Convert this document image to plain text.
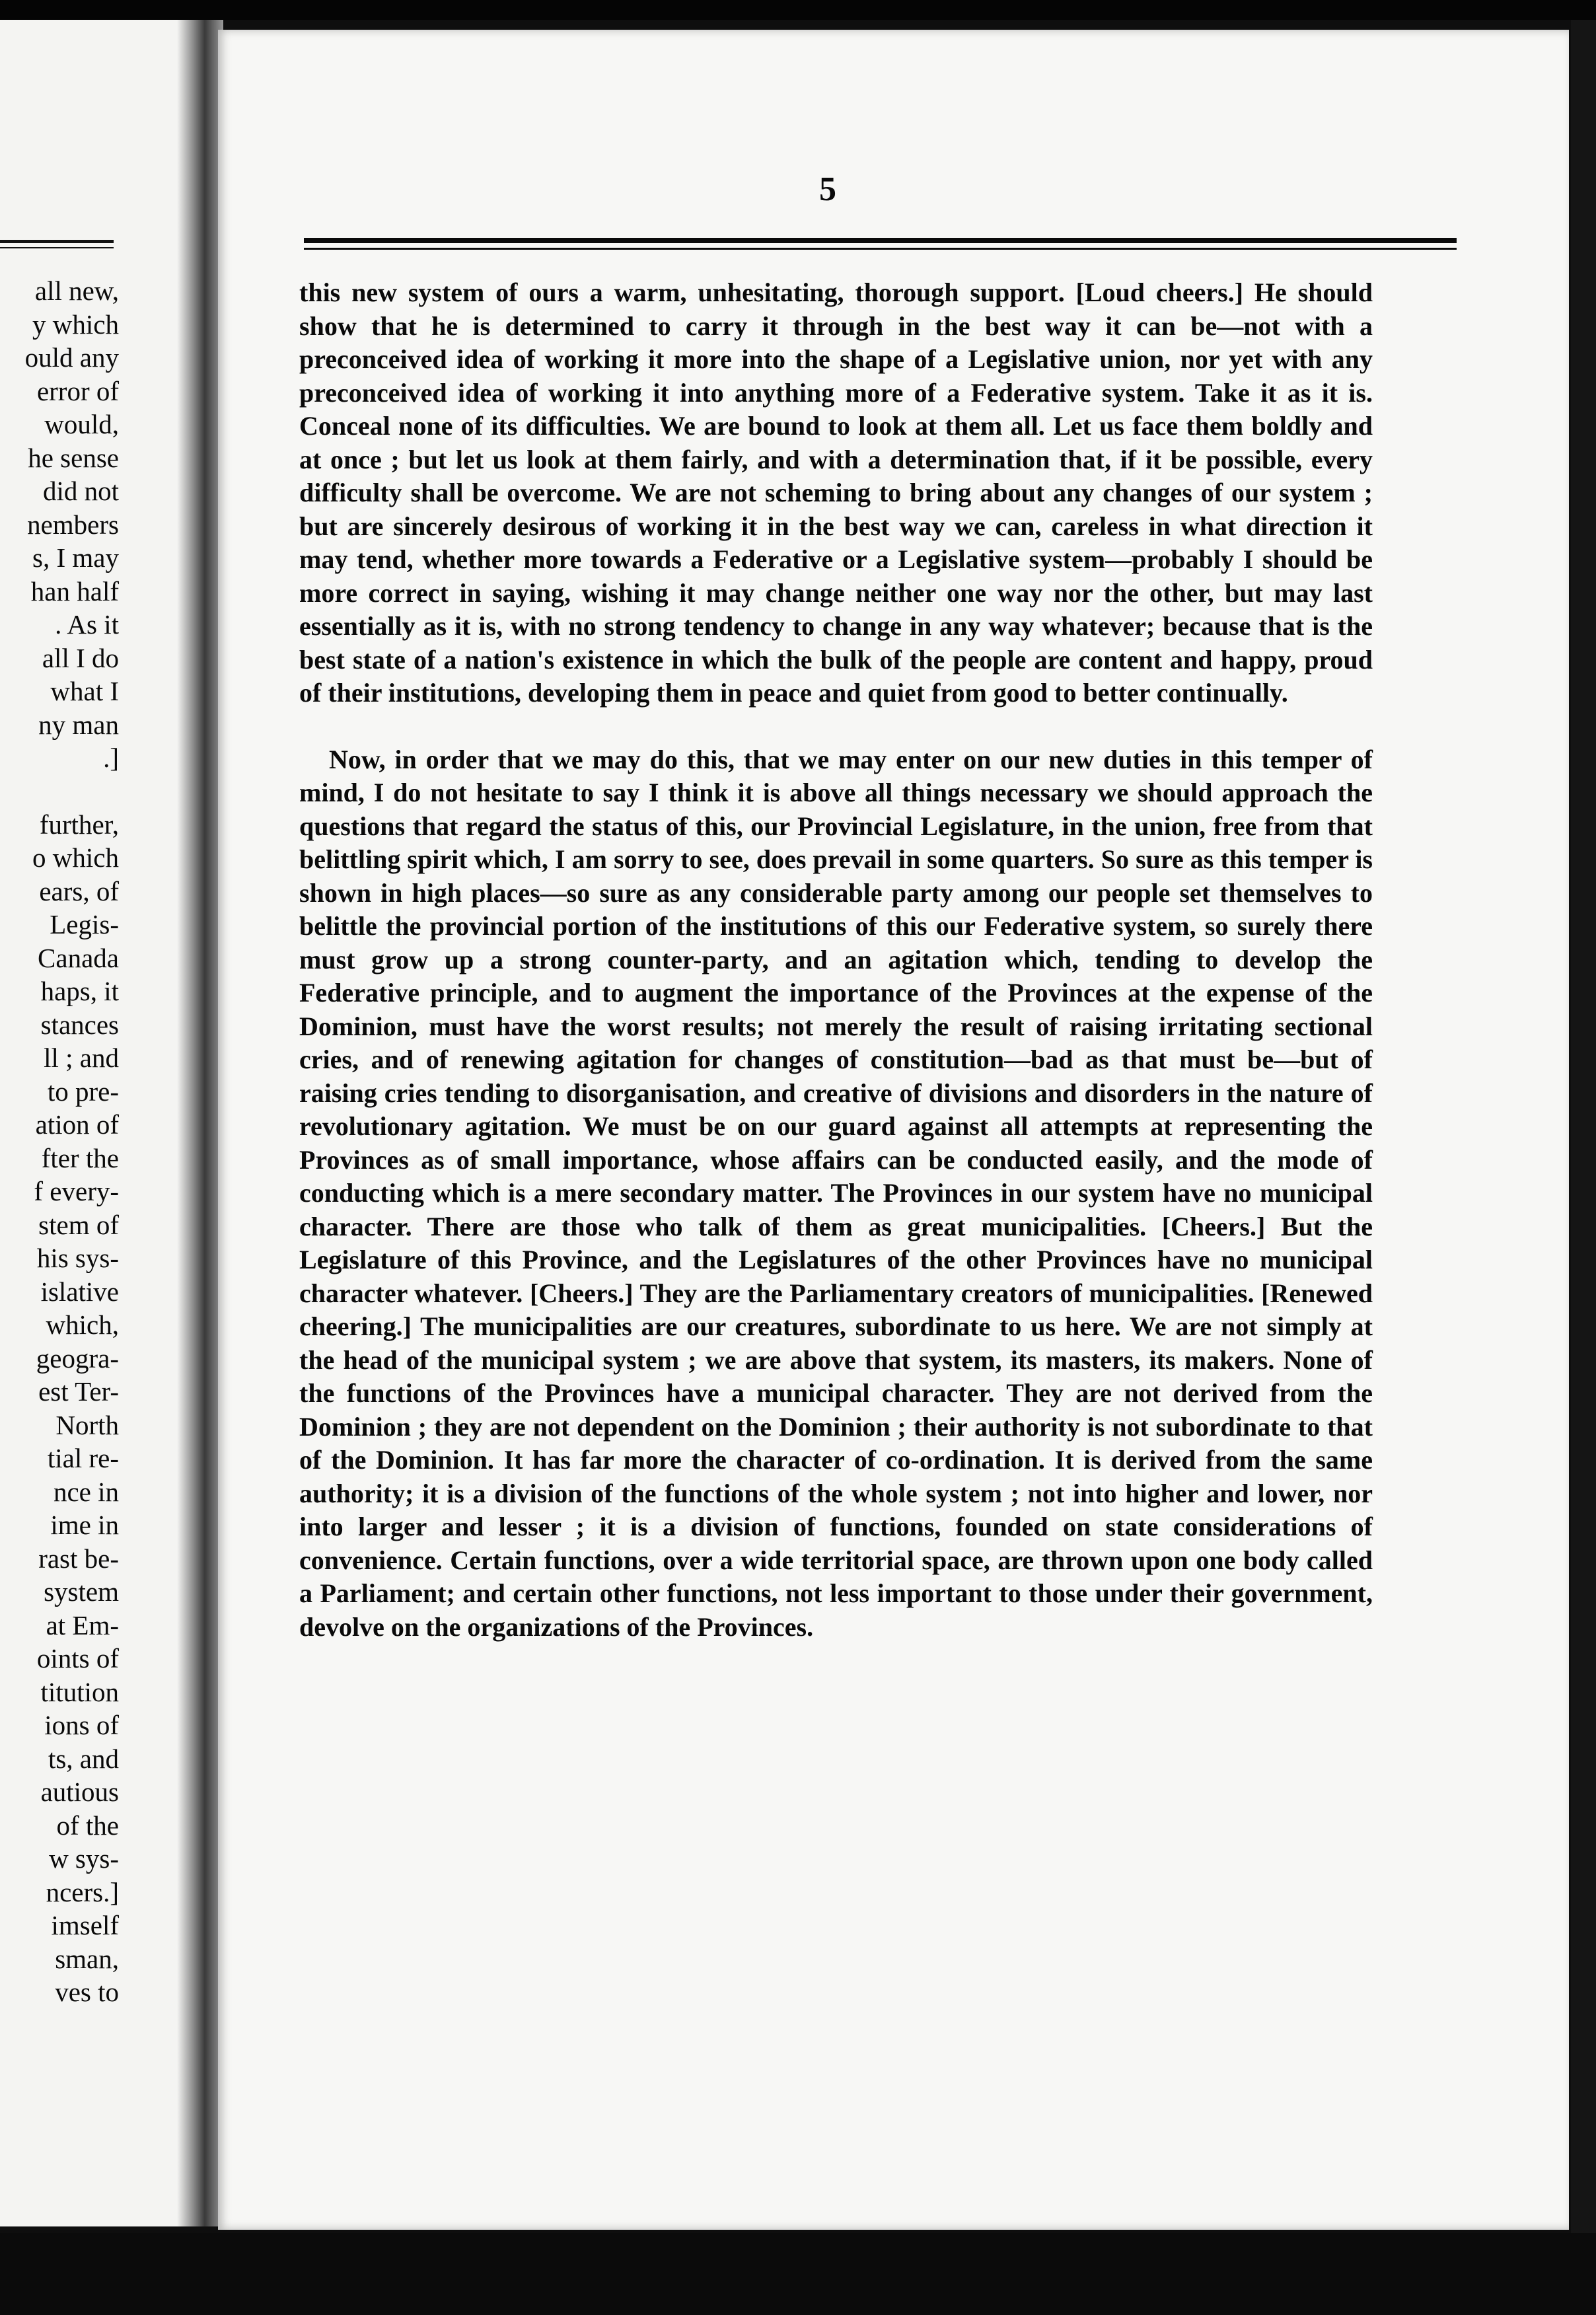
all new,
y which
ould any
error of
would,
he sense
did not
nembers
s, I may
han half
. As it
all I do
what I
ny man
.]
further,
o which
ears, of
Legis-
Canada
haps, it
stances
ll ; and
to pre-
ation of
fter the
f every-
stem of
his sys-
islative
which,
geogra-
est Ter-
North
tial re-
nce in
ime in
rast be-
system
at Em-
oints of
titution
ions of
ts, and
autious
of the
w sys-
ncers.]
imself
sman,
ves to
5

this new system of ours a warm, unhesitating, thorough support. [Loud cheers.] He should show that he is determined to carry it through in the best way it can be—not with a preconceived idea of working it more into the shape of a Legislative union, nor yet with any preconceived idea of working it into anything more of a Federative system. Take it as it is. Conceal none of its difficulties. We are bound to look at them all. Let us face them boldly and at once ; but let us look at them fairly, and with a determination that, if it be possible, every difficulty shall be overcome. We are not scheming to bring about any changes of our system ; but are sincerely desirous of working it in the best way we can, careless in what direction it may tend, whether more towards a Federative or a Legislative system—probably I should be more correct in saying, wishing it may change neither one way nor the other, but may last essentially as it is, with no strong tendency to change in any way whatever; because that is the best state of a nation's existence in which the bulk of the people are content and happy, proud of their institutions, developing them in peace and quiet from good to better continually.

Now, in order that we may do this, that we may enter on our new duties in this temper of mind, I do not hesitate to say I think it is above all things necessary we should approach the questions that regard the status of this, our Provincial Legislature, in the union, free from that belittling spirit which, I am sorry to see, does prevail in some quarters. So sure as this temper is shown in high places—so sure as any considerable party among our people set themselves to belittle the provincial portion of the institutions of this our Federative system, so surely there must grow up a strong counter-party, and an agitation which, tending to develop the Federative principle, and to augment the importance of the Provinces at the expense of the Dominion, must have the worst results; not merely the result of raising irritating sectional cries, and of renewing agitation for changes of constitution—bad as that must be—but of raising cries tending to disorganisation, and creative of divisions and disorders in the nature of revolutionary agitation. We must be on our guard against all attempts at representing the Provinces as of small importance, whose affairs can be conducted easily, and the mode of conducting which is a mere secondary matter. The Provinces in our system have no municipal character. There are those who talk of them as great municipalities. [Cheers.] But the Legislature of this Province, and the Legislatures of the other Provinces have no municipal character whatever. [Cheers.] They are the Parliamentary creators of municipalities. [Renewed cheering.] The municipalities are our creatures, subordinate to us here. We are not simply at the head of the municipal system ; we are above that system, its masters, its makers. None of the functions of the Provinces have a municipal character. They are not derived from the Dominion ; they are not dependent on the Dominion ; their authority is not subordinate to that of the Dominion. It has far more the character of co-ordination. It is derived from the same authority; it is a division of the functions of the whole system ; not into higher and lower, nor into larger and lesser ; it is a division of functions, founded on state considerations of convenience. Certain functions, over a wide territorial space, are thrown upon one body called a Parliament; and certain other functions, not less important to those under their government, devolve on the organizations of the Provinces.
